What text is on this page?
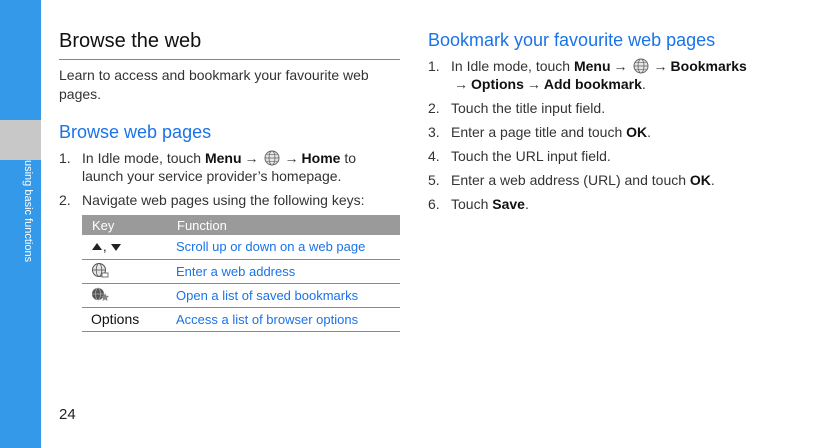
using basic functions
24
Browse the web

Learn to access and bookmark your favourite web pages.

Browse web pages
1. In Idle mode, touch Menu → → Home to launch your service provider’s homepage.
2. Navigate web pages using the following keys:
Key	Function
,	Scroll up or down on a web page
	Enter a web address
	Open a list of saved bookmarks
Options	Access a list of browser options
Bookmark your favourite web pages
1. In Idle mode, touch Menu → → Bookmarks
→ Options → Add bookmark.
2. Touch the title input field.
3. Enter a page title and touch OK.
4. Touch the URL input field.
5. Enter a web address (URL) and touch OK.
6. Touch Save.
